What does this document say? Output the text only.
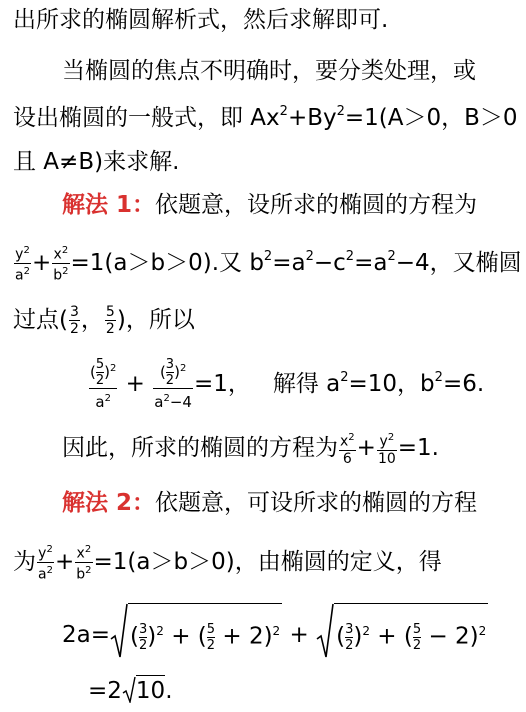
出所求的椭圆解析式，然后求解即可.
当椭圆的焦点不明确时，要分类处理，或
设出椭圆的一般式，即 $Ax^2+By^2=1(A>0$，B＞0
且 A≠B)来求解.
解法 1：依题意，设所求的椭圆的方程为
$\frac{y^2}{a^2} + \frac{x^2}{b^2} =1(a>b>0)$.又 $b^2=a^2-c^2=a^2-4$，又椭圆
过点( $\frac{3}{2}$ ， $\frac{5}{2}$ )，所以
$\frac{( \frac{5}{2} )^2}{a^2} + \frac{( \frac{3}{2} )^2}{a^2-4} =1$， 解得 $a^2=10$，$b^2=6$.
因此，所求的椭圆的方程为 $\frac{x^2}{6} + \frac{y^2}{10} =1$.
解法 2：依题意，可设所求的椭圆的方程
为 $\frac{y^2}{a^2} + \frac{x^2}{b^2} =1(a>b>0)$，由椭圆的定义，得
2a= ( $\frac{3}{2} )^2$ + ( $\frac{5}{2} + 2)^2$ +
( $\frac{3}{2} )^2$ + ( $\frac{5}{2} - 2)^2$
=2 10.
